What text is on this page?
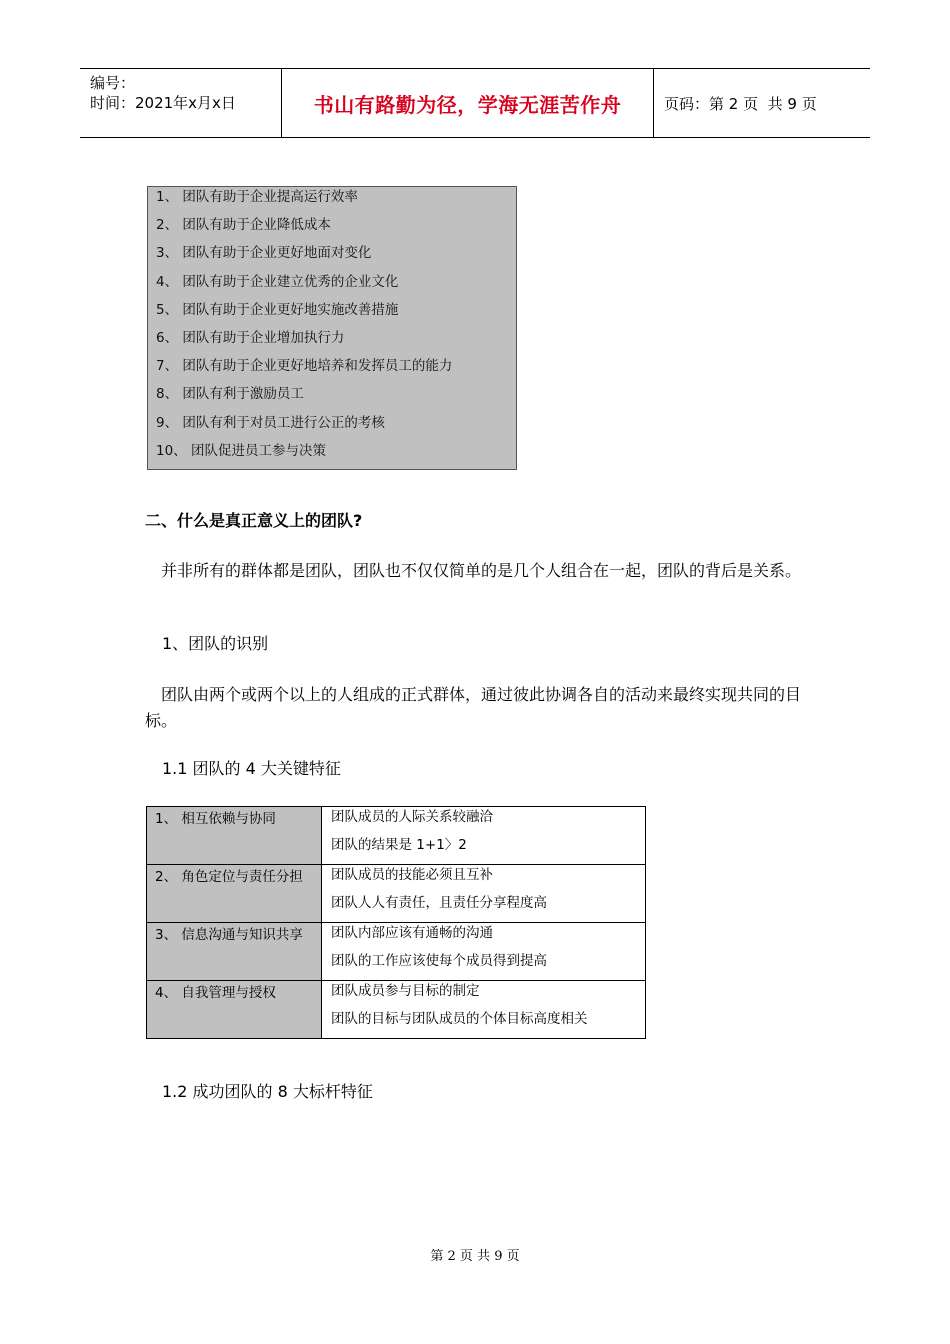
编号：
时间：2021年x月x日	书山有路勤为径，学海无涯苦作舟	页码：第 2 页  共 9 页
1、 团队有助于企业提高运行效率
2、 团队有助于企业降低成本
3、 团队有助于企业更好地面对变化
4、 团队有助于企业建立优秀的企业文化
5、 团队有助于企业更好地实施改善措施
6、 团队有助于企业增加执行力
7、 团队有助于企业更好地培养和发挥员工的能力
8、 团队有利于激励员工
9、 团队有利于对员工进行公正的考核
10、 团队促进员工参与决策
二、什么是真正意义上的团队?
并非所有的群体都是团队，团队也不仅仅简单的是几个人组合在一起，团队的背后是关系。
1、团队的识别
团队由两个或两个以上的人组成的正式群体，通过彼此协调各自的活动来最终实现共同的目标。
1.1 团队的 4 大关键特征
1、 相互依赖与协同	团队成员的人际关系较融洽
团队的结果是 1+1〉2

2、 角色定位与责任分担	团队成员的技能必须且互补
团队人人有责任，且责任分享程度高

3、 信息沟通与知识共享	团队内部应该有通畅的沟通
团队的工作应该使每个成员得到提高

4、 自我管理与授权	团队成员参与目标的制定
团队的目标与团队成员的个体目标高度相关
1.2 成功团队的 8 大标杆特征
第 2 页 共 9 页
